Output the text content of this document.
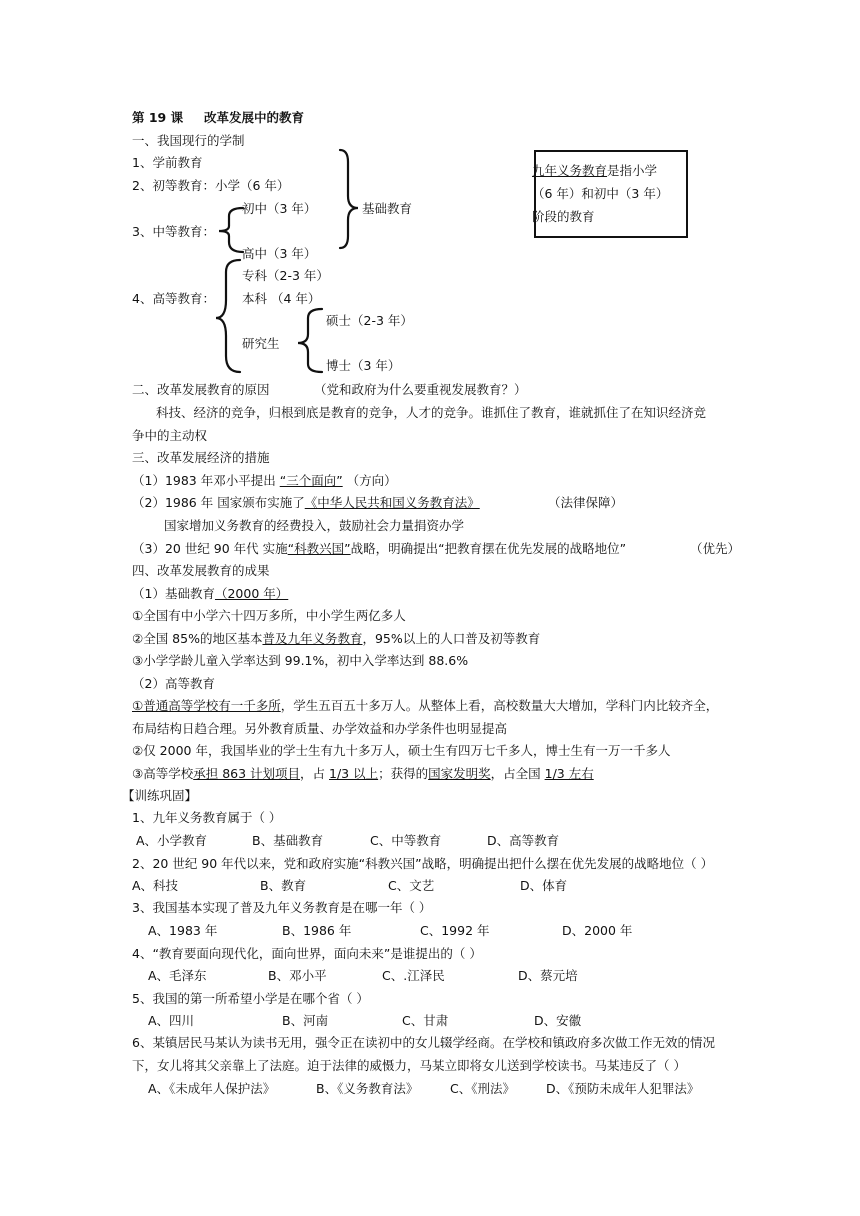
第 19 课 改革发展中的教育
一、我国现行的学制
1、学前教育
2、初等教育：小学（6 年）
3、中等教育：
初中（3 年）
高中（3 年）
基础教育
4、高等教育：
专科（2-3 年）
本科 （4 年）
研究生
硕士（2-3 年）
博士（3 年）
九年义务教育是指小学
（6 年）和初中（3 年）
阶段的教育
二、改革发展教育的原因	（党和政府为什么要重视发展教育？）
科技、经济的竞争，归根到底是教育的竞争，人才的竞争。谁抓住了教育，谁就抓住了在知识经济竞
争中的主动权
三、改革发展经济的措施
（1）1983 年邓小平提出 “三个面向” （方向）
（2）1986 年 国家颁布实施了《中华人民共和国义务教育法》	（法律保障）
国家增加义务教育的经费投入，鼓励社会力量捐资办学
（3）20 世纪 90 年代 实施“科教兴国”战略，明确提出“把教育摆在优先发展的战略地位”	（优先）
四、改革发展教育的成果
（1）基础教育（2000 年）
①全国有中小学六十四万多所，中小学生两亿多人
②全国 85%的地区基本普及九年义务教育，95%以上的人口普及初等教育
③小学学龄儿童入学率达到 99.1%，初中入学率达到 88.6%
（2）高等教育
①普通高等学校有一千多所，学生五百五十多万人。从整体上看，高校数量大大增加，学科门内比较齐全，
布局结构日趋合理。另外教育质量、办学效益和办学条件也明显提高
②仅 2000 年，我国毕业的学士生有九十多万人，硕士生有四万七千多人，博士生有一万一千多人
③高等学校承担 863 计划项目，占 1/3 以上；获得的国家发明奖，占全国 1/3 左右
【训练巩固】
1、九年义务教育属于（ ）
A、小学教育	B、基础教育	C、中等教育	D、高等教育
2、20 世纪 90 年代以来，党和政府实施“科教兴国”战略，明确提出把什么摆在优先发展的战略地位（ ）
A、科技	B、教育	C、文艺	D、体育
3、我国基本实现了普及九年义务教育是在哪一年（ ）
A、1983 年	B、1986 年	C、1992 年	D、2000 年
4、“教育要面向现代化，面向世界，面向未来”是谁提出的（ ）
A、毛泽东	B、邓小平	C、.江泽民	D、蔡元培
5、我国的第一所希望小学是在哪个省（ ）
A、四川	B、河南	C、甘肃	D、安徽
6、某镇居民马某认为读书无用，强令正在读初中的女儿辍学经商。在学校和镇政府多次做工作无效的情况
下，女儿将其父亲靠上了法庭。迫于法律的威慑力，马某立即将女儿送到学校读书。马某违反了（ ）
A、《未成年人保护法》	B、《义务教育法》	C、《刑法》 D、《预防未成年人犯罪法》
